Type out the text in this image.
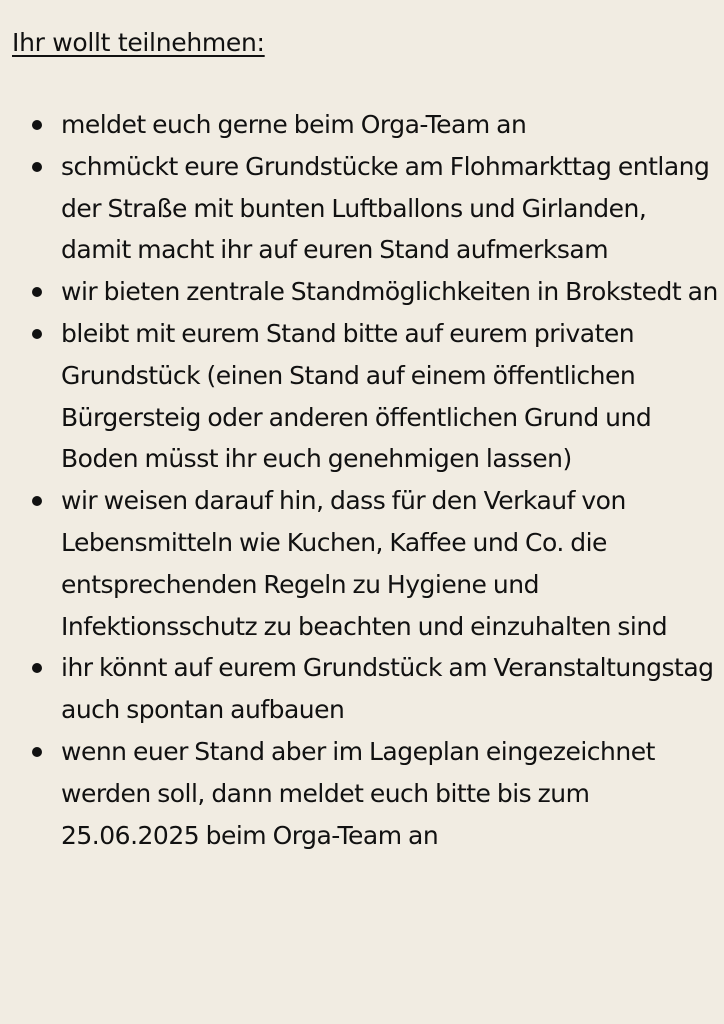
Ihr wollt teilnehmen:
meldet euch gerne beim Orga-Team an
schmückt eure Grundstücke am Flohmarkttag entlang der Straße mit bunten Luftballons und Girlanden, damit macht ihr auf euren Stand aufmerksam
wir bieten zentrale Standmöglichkeiten in Brokstedt an
bleibt mit eurem Stand bitte auf eurem privaten Grundstück (einen Stand auf einem öffentlichen Bürgersteig oder anderen öffentlichen Grund und Boden müsst ihr euch genehmigen lassen)
wir weisen darauf hin, dass für den Verkauf von Lebensmitteln wie Kuchen, Kaffee und Co. die entsprechenden Regeln zu Hygiene und Infektionsschutz zu beachten und einzuhalten sind
ihr könnt auf eurem Grundstück am Veranstaltungstag auch spontan aufbauen
wenn euer Stand aber im Lageplan eingezeichnet werden soll, dann meldet euch bitte bis zum 25.06.2025 beim Orga-Team an
